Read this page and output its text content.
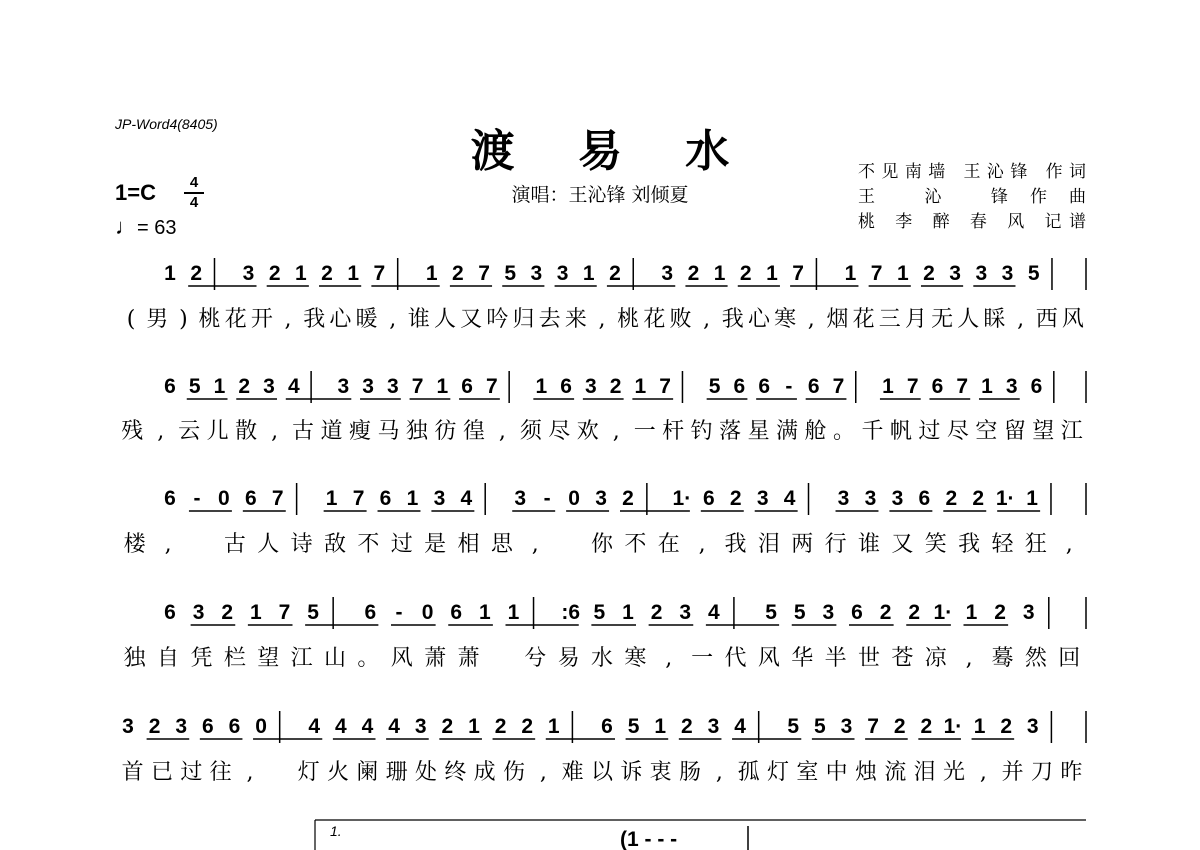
JP-Word4(8405)
渡 易 水
演唱：王沁锋 刘倾夏
不见南墙 王沁锋 作词
王 沁 锋作曲
桃 李 醉 春 风 记谱
1=C	4
4
♩= 63
1 2 3 2 1 2 1 7 1 2 7 5 3 3 1 2 3 2 1 2 1 7 1 7 1 2 3 3 3 5
( 男 ) 桃 花 开 , 我 心 暖 , 谁 人 又 吟 归 去 来 , 桃 花 败 , 我 心 寒 , 烟 花 三 月 无 人 睬 , 西 风
6 5 1 2 3 4 3 3 3 7 1 6 7 1 6 3 2 1 7 5 6 6 - 6 7 1 7 6 7 1 3 6
残 , 云 儿 散 , 古 道 瘦 马 独 彷 徨 , 须 尽 欢 , 一 杆 钓 落 星 满 舱 。 千 帆 过 尽 空 留 望 江
6 - 0 6 7 1 7 6 1 3 4 3 - 0 3 2 1· 6 2 3 4 3 3 3 6 2 2 1· 1
楼 , 古 人 诗 敌 不 过 是 相 思 , 你 不 在 , 我 泪 两 行 谁 又 笑 我 轻 狂 ,
6 3 2 1 7 5 6 - 0 6 1 1 :6 5 1 2 3 4 5 5 3 6 2 2 1· 1 2 3
独 自 凭 栏 望 江 山 。 风 萧 萧 兮 易 水 寒 , 一 代 风 华 半 世 苍 凉 , 蓦 然 回
3 2 3 6 6 0 4 4 4 4 3 2 1 2 2 1 6 5 1 2 3 4 5 5 3 7 2 2 1· 1 2 3
首 已 过 往 , 灯 火 阑 珊 处 终 成 伤 , 难 以 诉 衷 肠 , 孤 灯 室 中 烛 流 泪 光 , 并 刀 昨
1.	(1 - - -
